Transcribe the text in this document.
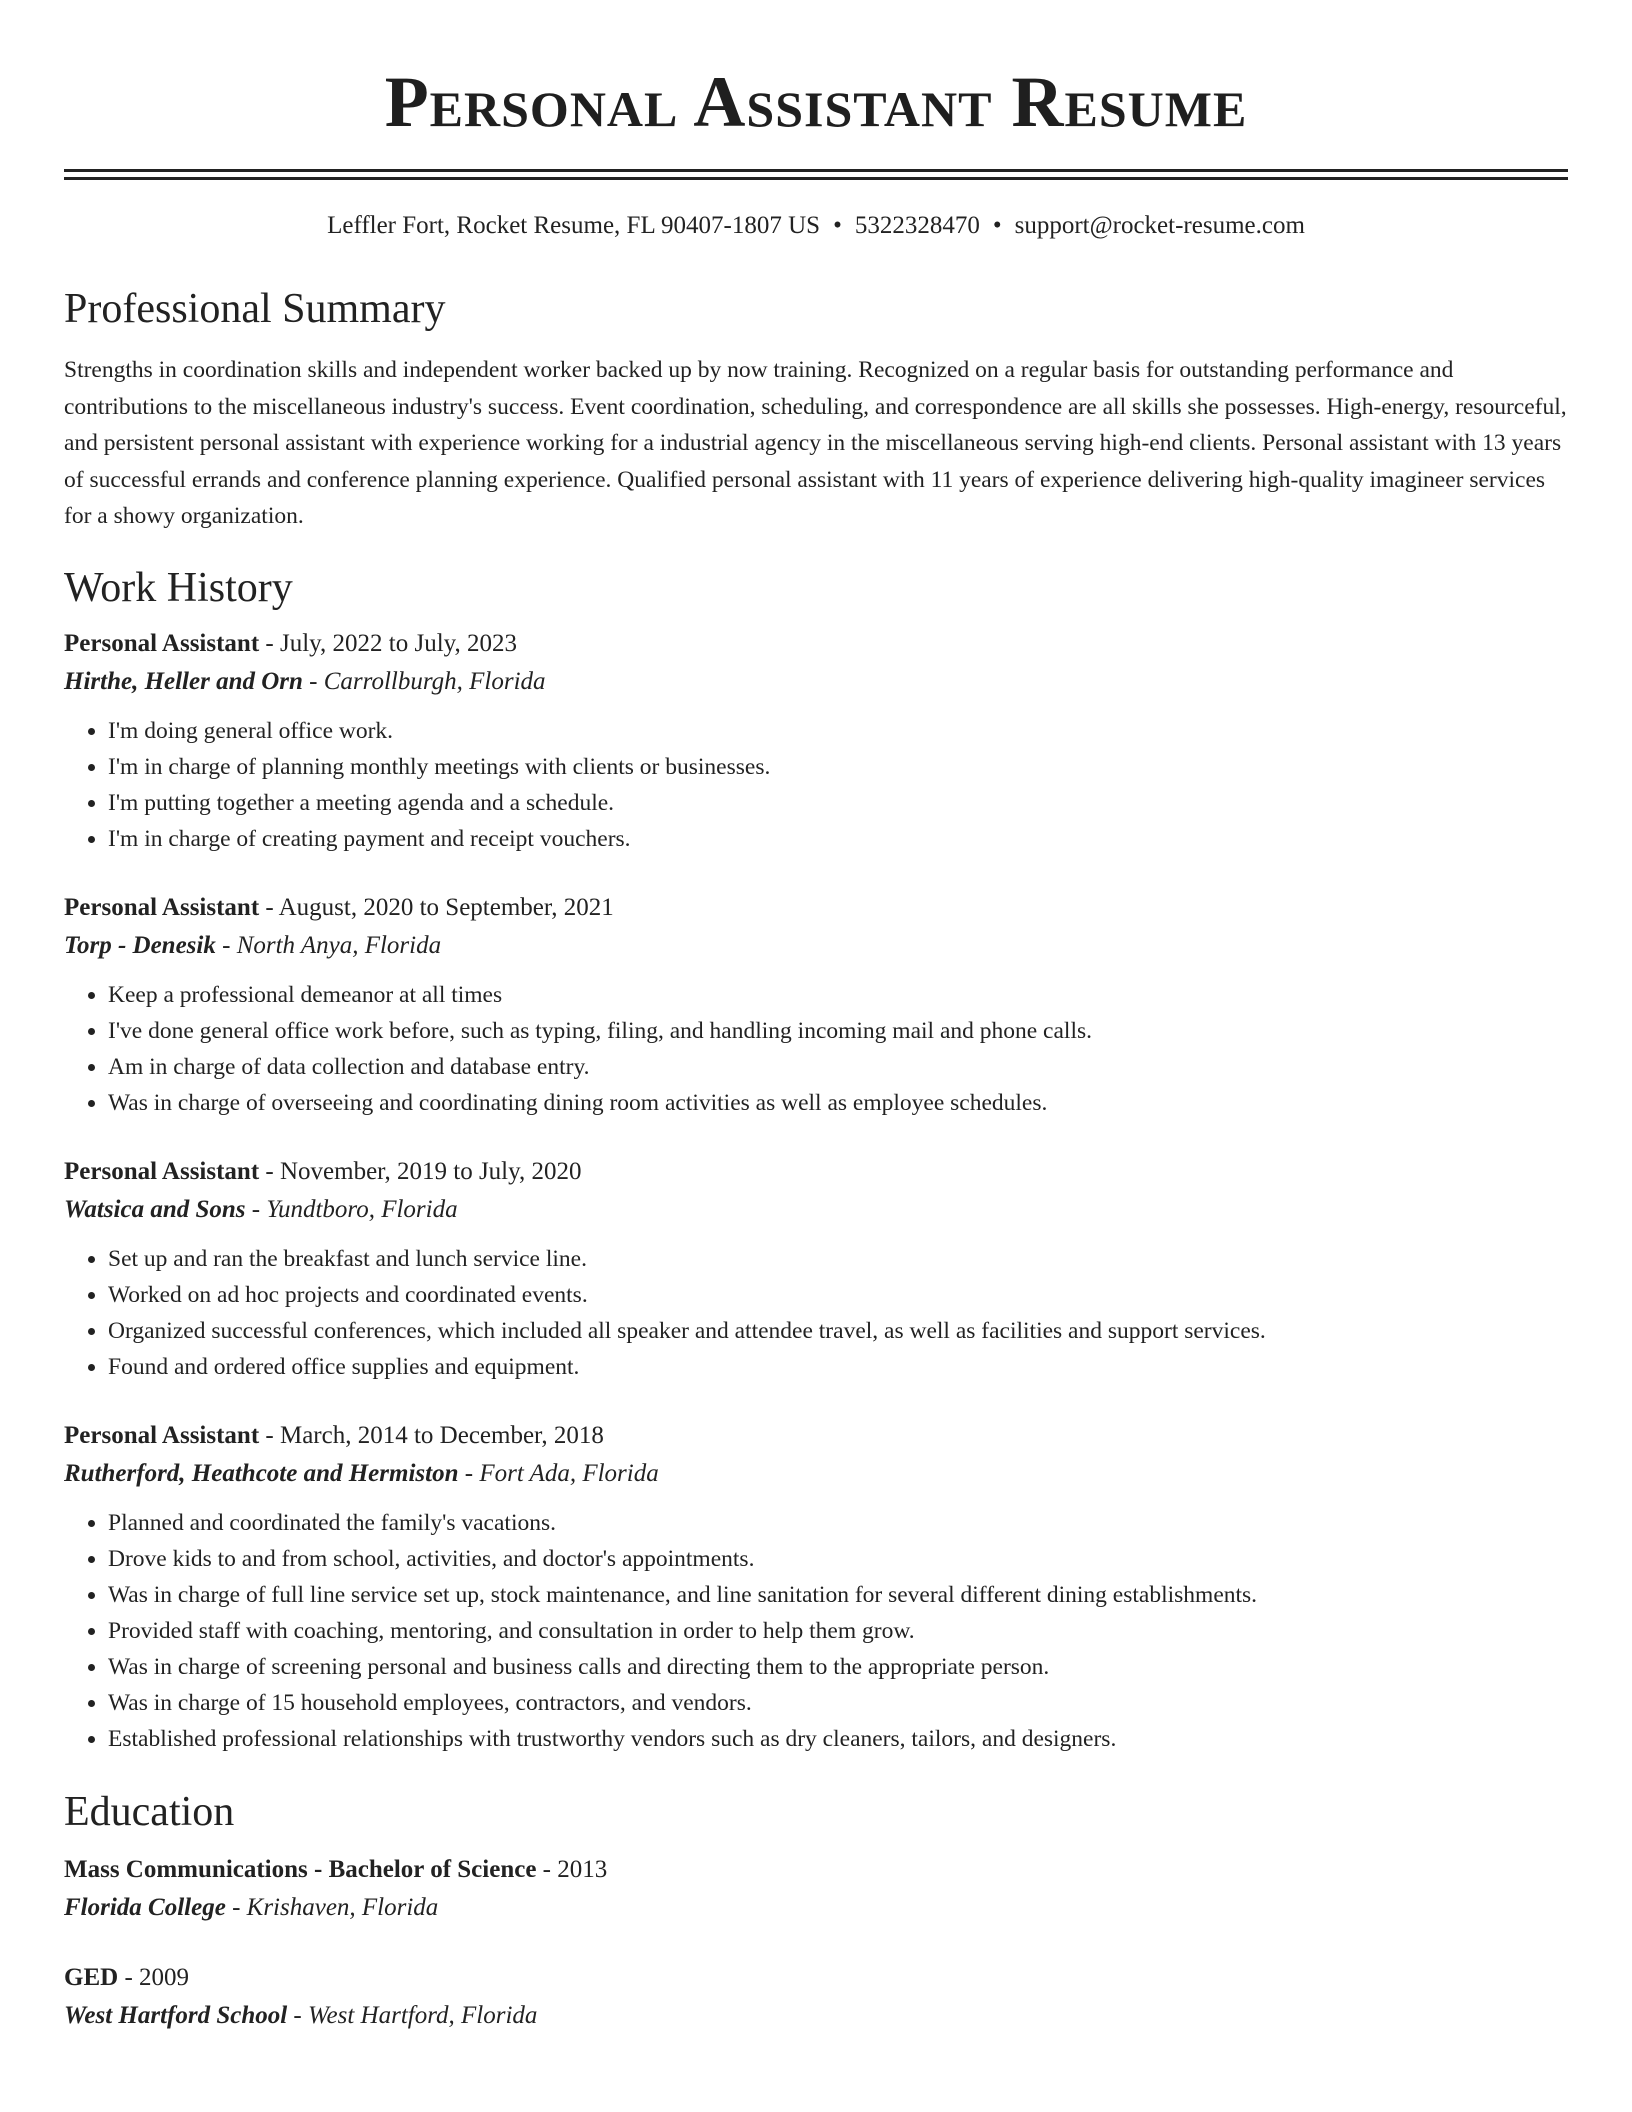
Personal Assistant Resume
Leffler Fort, Rocket Resume, FL 90407-1807 US • 5322328470 • support@rocket-resume.com
Professional Summary

Strengths in coordination skills and independent worker backed up by now training. Recognized on a regular basis for outstanding performance and contributions to the miscellaneous industry's success. Event coordination, scheduling, and correspondence are all skills she possesses. High-energy, resourceful, and persistent personal assistant with experience working for a industrial agency in the miscellaneous serving high-end clients. Personal assistant with 13 years of successful errands and conference planning experience. Qualified personal assistant with 11 years of experience delivering high-quality imagineer services for a showy organization.

Work History
Personal Assistant - July, 2022 to July, 2023
Hirthe, Heller and Orn - Carrollburgh, Florida
• I'm doing general office work.
• I'm in charge of planning monthly meetings with clients or businesses.
• I'm putting together a meeting agenda and a schedule.
• I'm in charge of creating payment and receipt vouchers.
Personal Assistant - August, 2020 to September, 2021
Torp - Denesik - North Anya, Florida
• Keep a professional demeanor at all times
• I've done general office work before, such as typing, filing, and handling incoming mail and phone calls.
• Am in charge of data collection and database entry.
• Was in charge of overseeing and coordinating dining room activities as well as employee schedules.
Personal Assistant - November, 2019 to July, 2020
Watsica and Sons - Yundtboro, Florida
• Set up and ran the breakfast and lunch service line.
• Worked on ad hoc projects and coordinated events.
• Organized successful conferences, which included all speaker and attendee travel, as well as facilities and support services.
• Found and ordered office supplies and equipment.
Personal Assistant - March, 2014 to December, 2018
Rutherford, Heathcote and Hermiston - Fort Ada, Florida
• Planned and coordinated the family's vacations.
• Drove kids to and from school, activities, and doctor's appointments.
• Was in charge of full line service set up, stock maintenance, and line sanitation for several different dining establishments.
• Provided staff with coaching, mentoring, and consultation in order to help them grow.
• Was in charge of screening personal and business calls and directing them to the appropriate person.
• Was in charge of 15 household employees, contractors, and vendors.
• Established professional relationships with trustworthy vendors such as dry cleaners, tailors, and designers.
Education
Mass Communications - Bachelor of Science - 2013
Florida College - Krishaven, Florida
GED - 2009
West Hartford School - West Hartford, Florida
